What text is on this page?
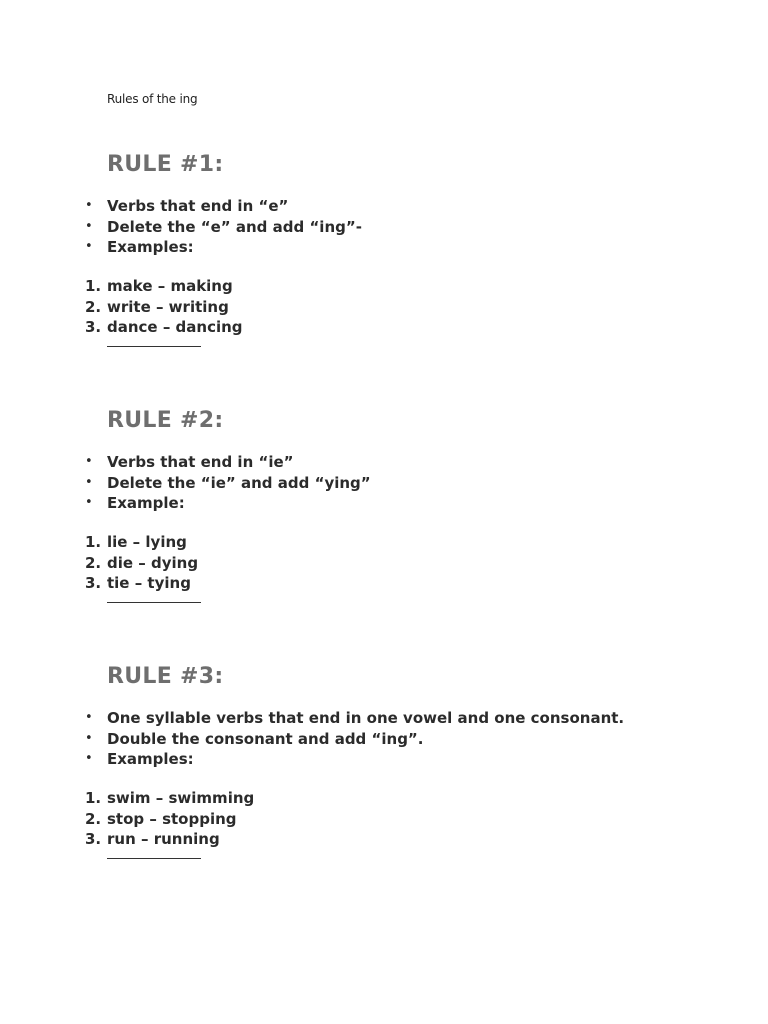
Rules of the ing
RULE #1:
• Verbs that end in “e”
• Delete the “e” and add “ing”-
• Examples:
1. make – making
2. write – writing
3. dance – dancing
RULE #2:
• Verbs that end in “ie”
• Delete the “ie” and add “ying”
• Example:
1. lie – lying
2. die – dying
3. tie – tying
RULE #3:
• One syllable verbs that end in one vowel and one consonant.
• Double the consonant and add “ing”.
• Examples:
1. swim – swimming
2. stop – stopping
3. run – running
